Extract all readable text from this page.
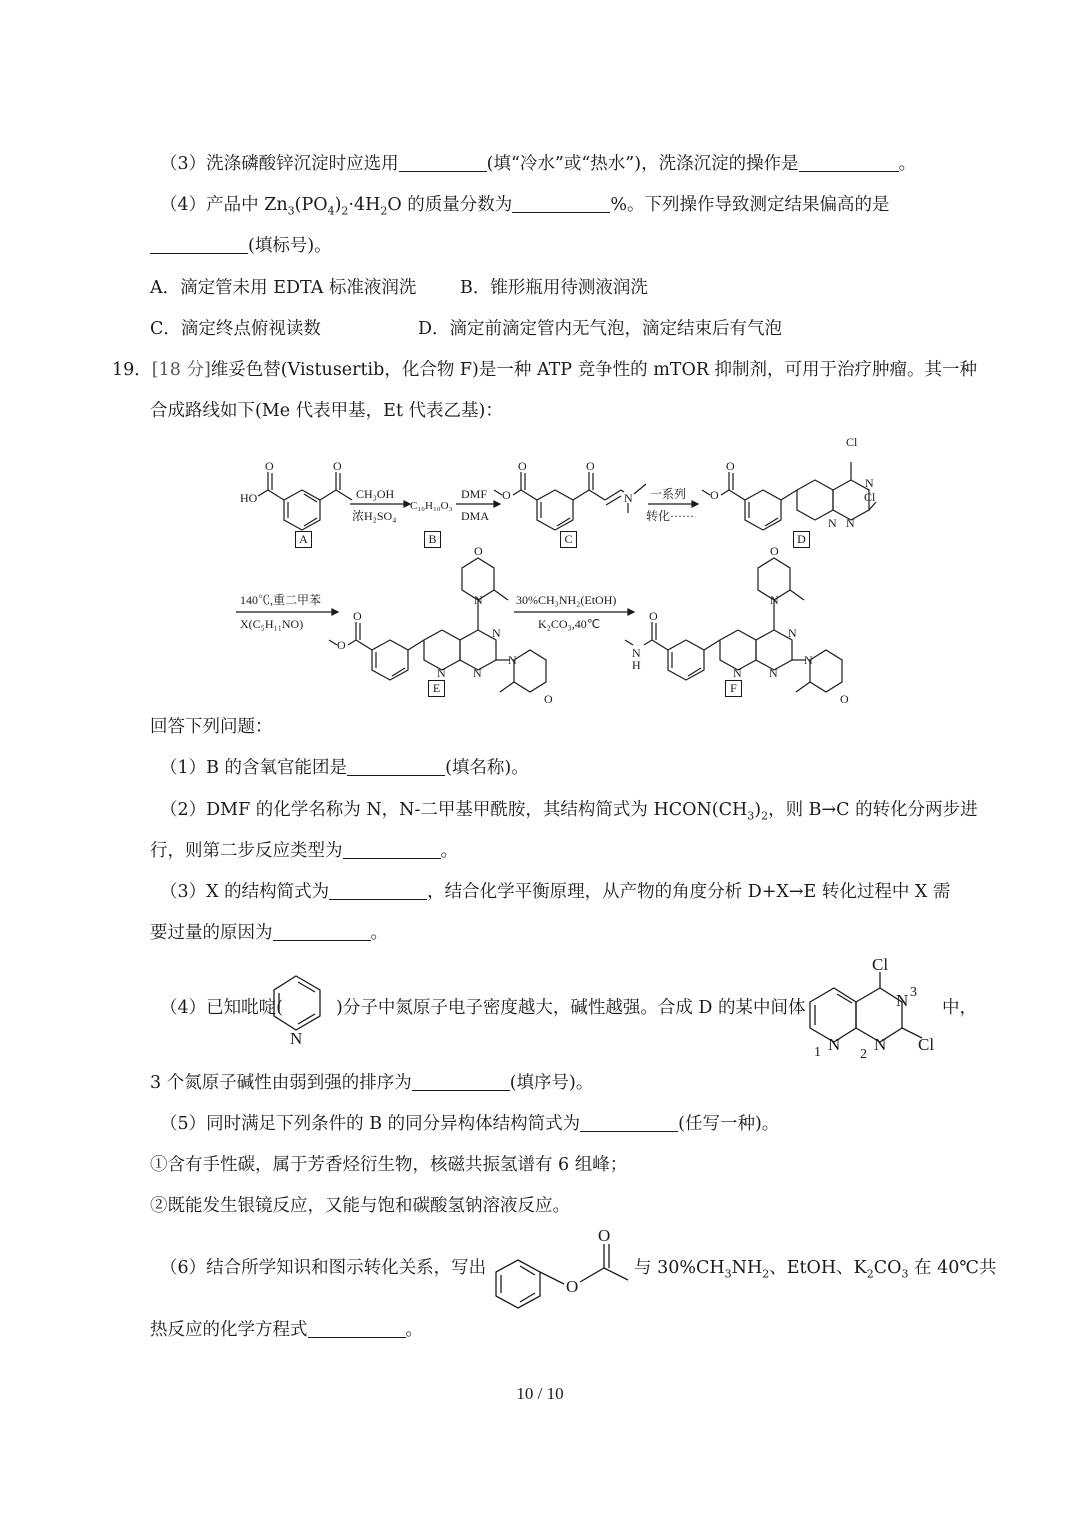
（3）洗涤磷酸锌沉淀时应选用	(填“冷水”或“热水”)，洗涤沉淀的操作是	。
（4）产品中 $Zn_3(PO_4)_2\cdot 4H_2O$ 的质量分数为	%。下列操作导致测定结果偏高的是
(填标号)。
A．滴定管未用 EDTA 标准液润洗 B．锥形瓶用待测液润洗
C．滴定终点俯视读数	D．滴定前滴定管内无气泡，滴定结束后有气泡
19．[18 分]维妥色替(Vistusertib，化合物 F)是一种 ATP 竞争性的 mTOR 抑制剂，可用于治疗肿瘤。其一种
合成路线如下(Me 代表甲基，Et 代表乙基)：
HO
O	O
CH₃OH
浓H₂SO₄
C₁₀H₁₀O₃
DMF
DMA
O
O	O
N 一系列
转化······
O
O
Cl
Cl
N N
N
140℃,重二甲苯
X(C₅H₁₁NO)
O
O
O
N
N N
N
N
O
30%CH₃NH₂(EtOH)
K₂CO₃,40℃
N
H
O
O
N
N N
N
N
O
A	B	C	D
E	F
回答下列问题：
（1）B 的含氧官能团是	(填名称)。
（2）DMF 的化学名称为 N，N-二甲基甲酰胺，其结构简式为 $HCON(CH_3)_2$，则 B→C 的转化分两步进
行，则第二步反应类型为	。
（3）X 的结构简式为	，结合化学平衡原理，从产物的角度分析 D+X→E 转化过程中 X 需
要过量的原因为	。
（4）已知吡啶(
N
)分子中氮原子电子密度越大，碱性越强。合成 D 的某中间体
Cl
Cl
N N
N
1	2
3
中，
3 个氮原子碱性由弱到强的排序为	(填序号)。
（5）同时满足下列条件的 B 的同分异构体结构简式为	(任写一种)。
①含有手性碳，属于芳香烃衍生物，核磁共振氢谱有 6 组峰；
②既能发生银镜反应，又能与饱和碳酸氢钠溶液反应。
（6）结合所学知识和图示转化关系，写出
O
O
与 $30\%CH_3NH_2$、EtOH、$K_2CO_3$ 在 40℃共
热反应的化学方程式	。
10 / 10
